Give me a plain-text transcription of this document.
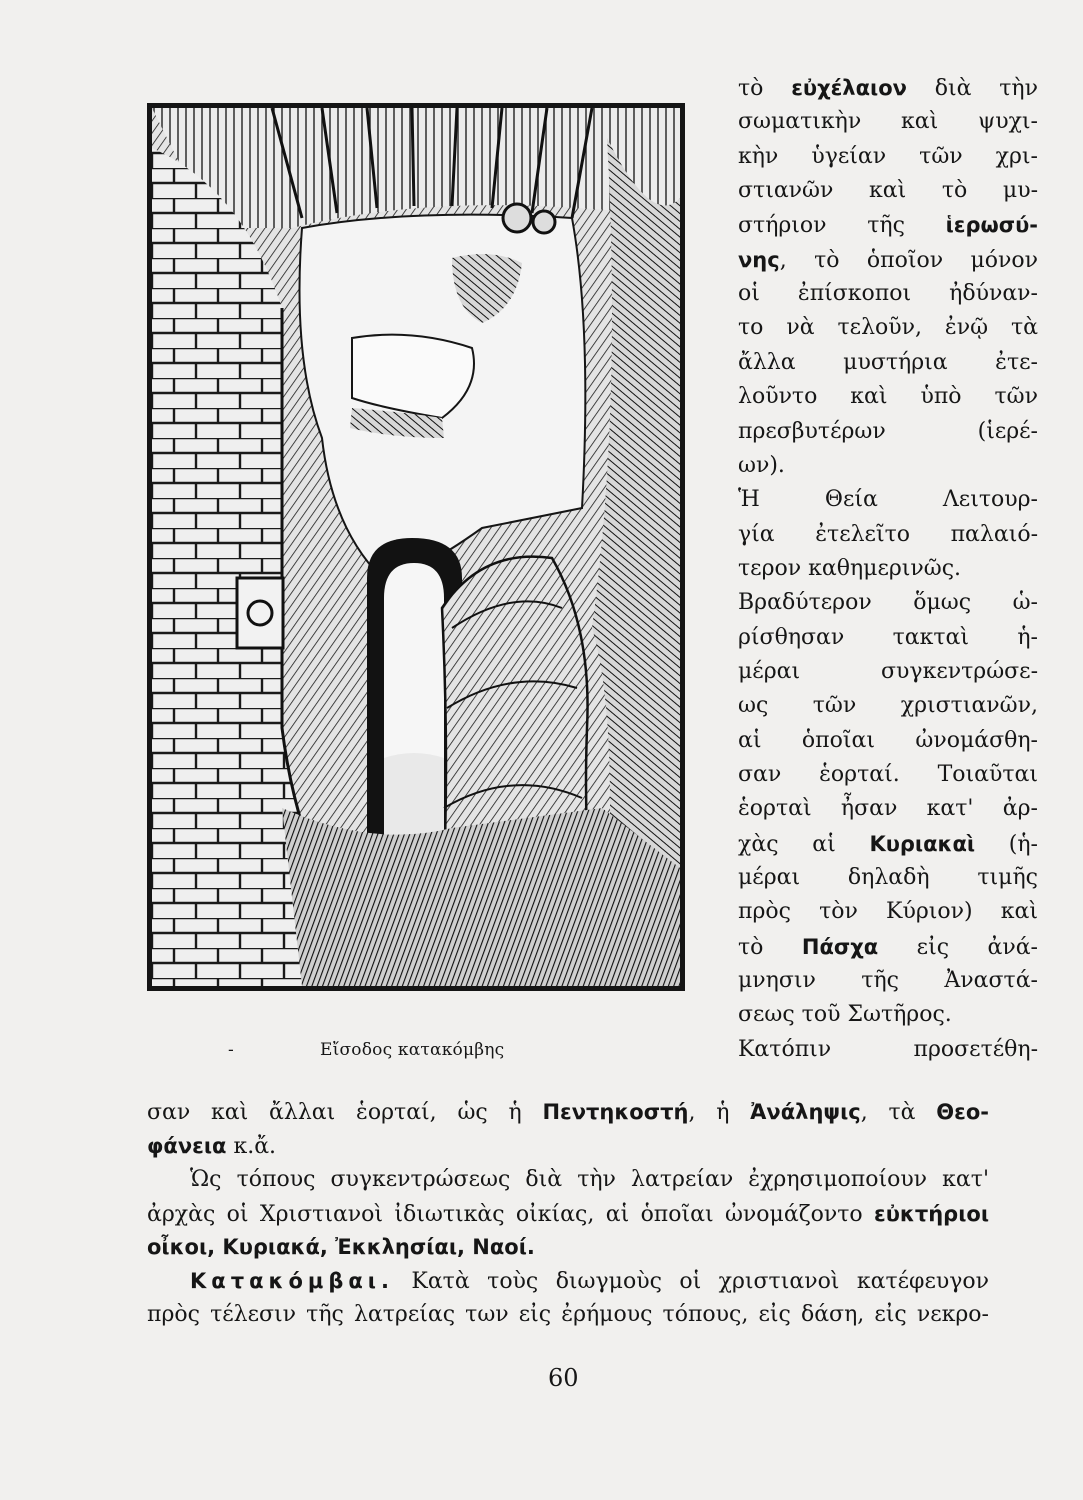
-	Εἴσοδος κατακόμβης
τὸ εὐχέλαιον διὰ τὴν
σωματικὴν καὶ ψυχι-
κὴν ὑγείαν τῶν χρι-
στιανῶν καὶ τὸ μυ-
στήριον τῆς ἱερωσύ-
νης, τὸ ὁποῖον μόνον
οἱ ἐπίσκοποι ἠδύναν-
το νὰ τελοῦν, ἐνῷ τὰ
ἄλλα μυστήρια ἐτε-
λοῦντο καὶ ὑπὸ τῶν
πρεσβυτέρων (ἱερέ-
ων).
Ἡ Θεία Λειτουρ-
γία ἐτελεῖτο παλαιό-
τερον καθημερινῶς.
Βραδύτερον ὅμως ὡ-
ρίσθησαν τακταὶ ἡ-
μέραι συγκεντρώσε-
ως τῶν χριστιανῶν,
αἱ ὁποῖαι ὠνομάσθη-
σαν ἑορταί. Τοιαῦται
ἑορταὶ ἦσαν κατ' ἀρ-
χὰς αἱ Κυριακαὶ (ἡ-
μέραι δηλαδὴ τιμῆς
πρὸς τὸν Κύριον) καὶ
τὸ Πάσχα εἰς ἀνά-
μνησιν τῆς Ἀναστά-
σεως τοῦ Σωτῆρος.
Κατόπιν προσετέθη-
σαν καὶ ἄλλαι ἑορταί, ὡς ἡ Πεντηκοστή, ἡ Ἀνάληψις, τὰ Θεο-
φάνεια κ.ἄ.
Ὡς τόπους συγκεντρώσεως διὰ τὴν λατρείαν ἐχρησιμοποίουν κατ'
ἀρχὰς οἱ Χριστιανοὶ ἰδιωτικὰς οἰκίας, αἱ ὁποῖαι ὠνομάζοντο εὐκτήριοι
οἶκοι, Κυριακά, Ἐκκλησίαι, Ναοί.
Κατακόμβαι. Κατὰ τοὺς διωγμοὺς οἱ χριστιανοὶ κατέφευγον
πρὸς τέλεσιν τῆς λατρείας των εἰς ἐρήμους τόπους, εἰς δάση, εἰς νεκρο-
60
